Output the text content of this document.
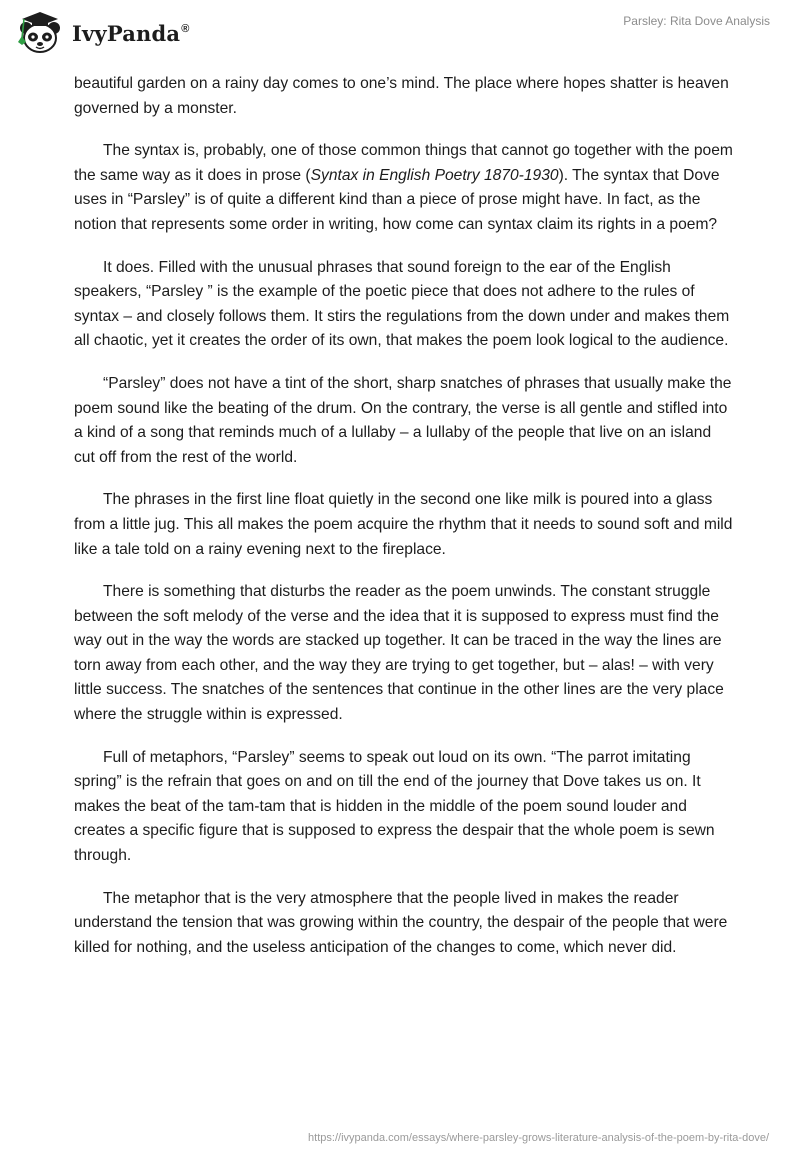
IvyPanda®
Parsley: Rita Dove Analysis

beautiful garden on a rainy day comes to one’s mind. The place where hopes shatter is heaven governed by a monster.

The syntax is, probably, one of those common things that cannot go together with the poem the same way as it does in prose (Syntax in English Poetry 1870-1930). The syntax that Dove uses in “Parsley” is of quite a different kind than a piece of prose might have. In fact, as the notion that represents some order in writing, how come can syntax claim its rights in a poem?

It does. Filled with the unusual phrases that sound foreign to the ear of the English speakers, “Parsley ” is the example of the poetic piece that does not adhere to the rules of syntax – and closely follows them. It stirs the regulations from the down under and makes them all chaotic, yet it creates the order of its own, that makes the poem look logical to the audience.

“Parsley” does not have a tint of the short, sharp snatches of phrases that usually make the poem sound like the beating of the drum. On the contrary, the verse is all gentle and stifled into a kind of a song that reminds much of a lullaby – a lullaby of the people that live on an island cut off from the rest of the world.

The phrases in the first line float quietly in the second one like milk is poured into a glass from a little jug. This all makes the poem acquire the rhythm that it needs to sound soft and mild like a tale told on a rainy evening next to the fireplace.

There is something that disturbs the reader as the poem unwinds. The constant struggle between the soft melody of the verse and the idea that it is supposed to express must find the way out in the way the words are stacked up together. It can be traced in the way the lines are torn away from each other, and the way they are trying to get together, but – alas! – with very little success. The snatches of the sentences that continue in the other lines are the very place where the struggle within is expressed.

Full of metaphors, “Parsley” seems to speak out loud on its own. “The parrot imitating spring” is the refrain that goes on and on till the end of the journey that Dove takes us on. It makes the beat of the tam-tam that is hidden in the middle of the poem sound louder and creates a specific figure that is supposed to express the despair that the whole poem is sewn through.

The metaphor that is the very atmosphere that the people lived in makes the reader understand the tension that was growing within the country, the despair of the people that were killed for nothing, and the useless anticipation of the changes to come, which never did.

https://ivypanda.com/essays/where-parsley-grows-literature-analysis-of-the-poem-by-rita-dove/
